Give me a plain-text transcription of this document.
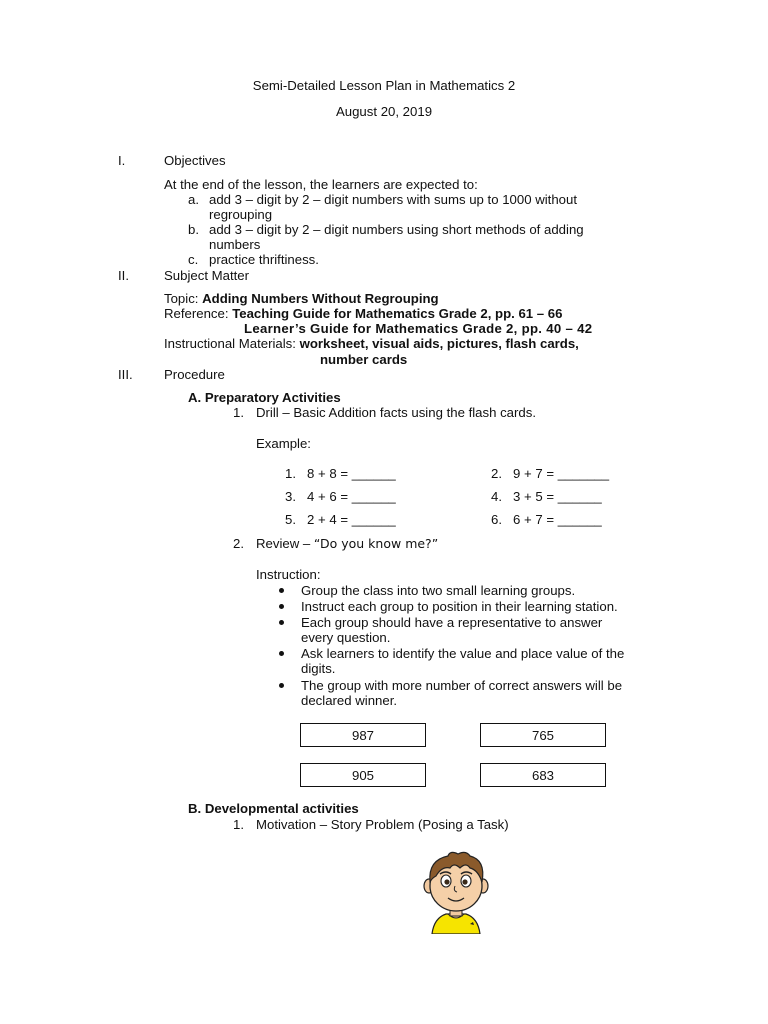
Semi-Detailed Lesson Plan in Mathematics 2
August 20, 2019
I.	Objectives
At the end of the lesson, the learners are expected to:
a. add 3 – digit by 2 – digit numbers with sums up to 1000 without
regrouping
b. add 3 – digit by 2 – digit numbers using short methods of adding
numbers
c. practice thriftiness.
II.	Subject Matter
Topic: Adding Numbers Without Regrouping
Reference: Teaching Guide for Mathematics Grade 2, pp. 61 – 66
Learner’s Guide for Mathematics Grade 2, pp. 40 – 42
Instructional Materials: worksheet, visual aids, pictures, flash cards,
number cards
III. Procedure
A. Preparatory Activities
1. Drill – Basic Addition facts using the flash cards.
Example:
1. 8 + 8 = ______	2. 9 + 7 = _______
3. 4 + 6 = ______	4. 3 + 5 = ______
5. 2 + 4 = ______	6. 6 + 7 = ______
2. Review – “Do you know me?”
Instruction:
Group the class into two small learning groups.
Instruct each group to position in their learning station.
Each group should have a representative to answer
every question.
Ask learners to identify the value and place value of the
digits.
The group with more number of correct answers will be
declared winner.
987	765
905	683
B. Developmental activities
1. Motivation – Story Problem (Posing a Task)
